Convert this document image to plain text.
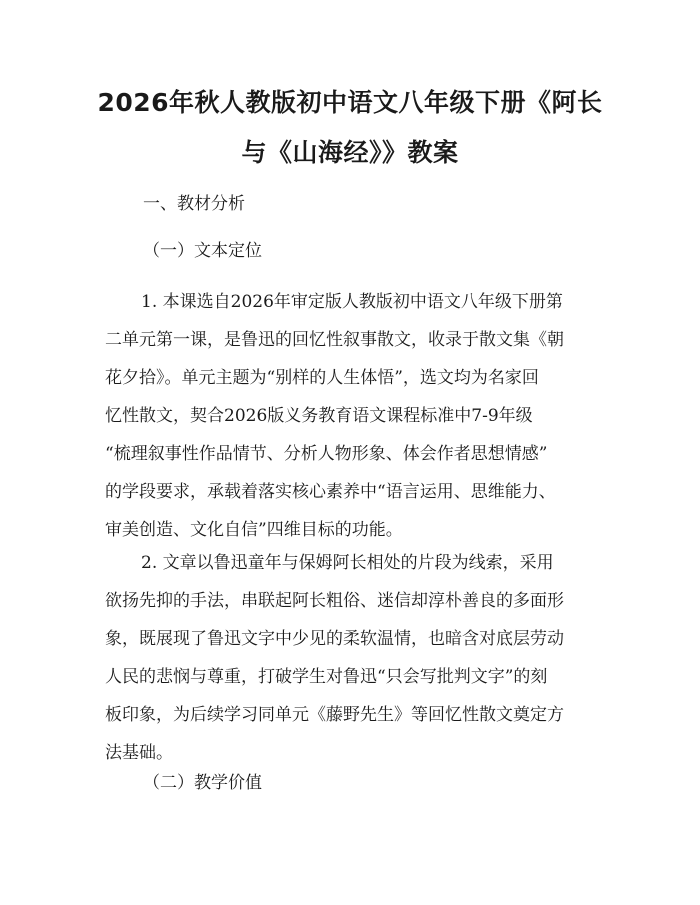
2026年秋人教版初中语文八年级下册《阿长
与《山海经》》教案
一、教材分析
（一）文本定位
1. 本课选自2026年审定版人教版初中语文八年级下册第
二单元第一课，是鲁迅的回忆性叙事散文，收录于散文集《朝
花夕拾》。单元主题为“别样的人生体悟”，选文均为名家回
忆性散文，契合2026版义务教育语文课程标准中7-9年级
“梳理叙事性作品情节、分析人物形象、体会作者思想情感”
的学段要求，承载着落实核心素养中“语言运用、思维能力、
审美创造、文化自信”四维目标的功能。
2. 文章以鲁迅童年与保姆阿长相处的片段为线索，采用
欲扬先抑的手法，串联起阿长粗俗、迷信却淳朴善良的多面形
象，既展现了鲁迅文字中少见的柔软温情，也暗含对底层劳动
人民的悲悯与尊重，打破学生对鲁迅“只会写批判文字”的刻
板印象，为后续学习同单元《藤野先生》等回忆性散文奠定方
法基础。
（二）教学价值
